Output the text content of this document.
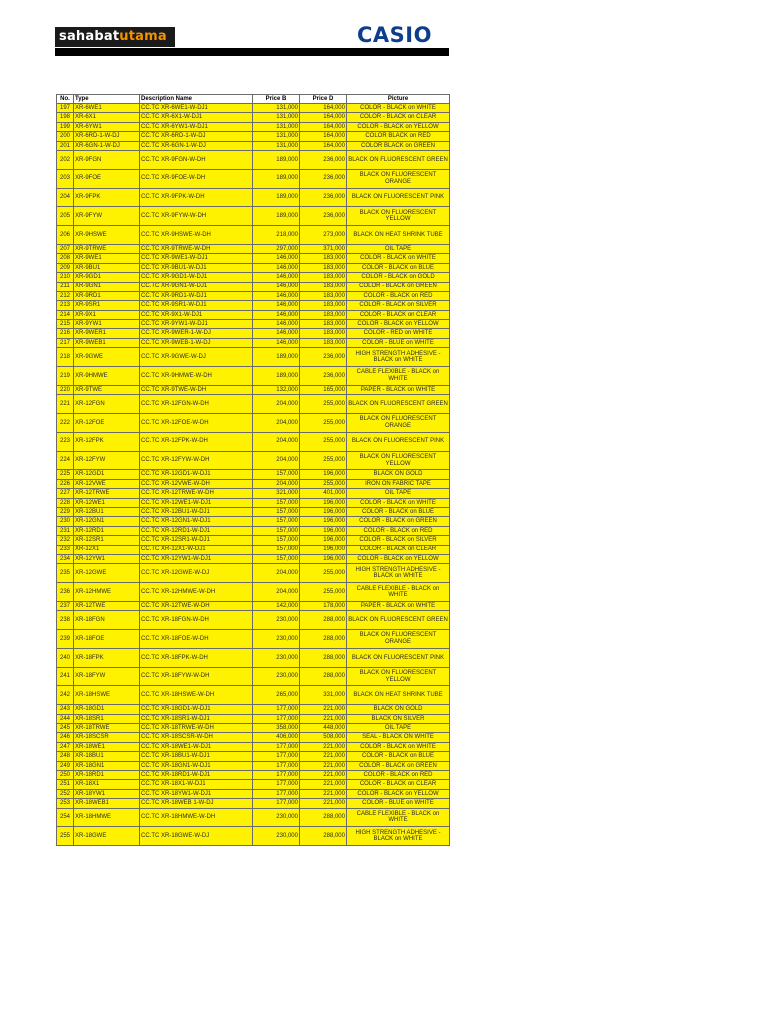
sahabatutama	CASIO
No.	Type	Description Name	Price B	Price D	Picture
197	XR-6WE1	CC.TC XR-6WE1-W-DJ1	131,000	164,000	COLOR - BLACK on WHITE
198	XR-6X1	CC.TC XR-6X1-W-DJ1	131,000	164,000	COLOR - BLACK on CLEAR
199	XR-6YW1	CC.TC XR-6YW1-W-DJ1	131,000	164,000	COLOR - BLACK on YELLOW
200	XR-6RD-1-W-DJ	CC.TC XR-6RD-1-W-DJ	131,000	164,000	COLOR BLACK on RED
201	XR-6GN-1-W-DJ	CC.TC XR-6GN-1-W-DJ	131,000	164,000	COLOR BLACK on GREEN
202	XR-9FGN	CC.TC XR-9FGN-W-DH	189,000	236,000	BLACK ON FLUORESCENT GREEN
203	XR-9FOE	CC.TC XR-9FOE-W-DH	189,000	236,000	BLACK ON FLUORESCENT ORANGE
204	XR-9FPK	CC.TC XR-9FPK-W-DH	189,000	236,000	BLACK ON FLUORESCENT PINK
205	XR-9FYW	CC.TC XR-9FYW-W-DH	189,000	236,000	BLACK ON FLUORESCENT YELLOW
206	XR-9HSWE	CC.TC XR-9HSWE-W-DH	218,000	273,000	BLACK ON HEAT SHRINK TUBE
207	XR-9TRWE	CC.TC XR-9TRWE-W-DH	297,000	371,000	OIL TAPE
208	XR-9WE1	CC.TC XR-9WE1-W-DJ1	146,000	183,000	COLOR - BLACK on WHITE
209	XR-9BU1	CC.TC XR-9BU1-W-DJ1	146,000	183,000	COLOR - BLACK on BLUE
210	XR-9GD1	CC.TC XR-9GD1-W-DJ1	146,000	183,000	COLOR - BLACK on GOLD
211	XR-9GN1	CC.TC XR-9GN1-W-DJ1	146,000	183,000	COLOR - BLACK on GREEN
212	XR-9RD1	CC.TC XR-9RD1-W-DJ1	146,000	183,000	COLOR - BLACK on RED
213	XR-9SR1	CC.TC XR-9SR1-W-DJ1	146,000	183,000	COLOR - BLACK on SILVER
214	XR-9X1	CC.TC XR-9X1-W-DJ1	146,000	183,000	COLOR - BLACK on CLEAR
215	XR-9YW1	CC.TC XR-9YW1-W-DJ1	146,000	183,000	COLOR - BLACK on YELLOW
216	XR-9WER1	CC.TC XR-9WER-1-W-DJ	146,000	183,000	COLOR - RED on WHITE
217	XR-9WEB1	CC.TC XR-9WEB-1-W-DJ	146,000	183,000	COLOR - BLUE on WHITE
218	XR-9GWE	CC.TC XR-9GWE-W-DJ	189,000	236,000	HIGH STRENGTH ADHESIVE - BLACK on WHITE
219	XR-9HMWE	CC.TC XR-9HMWE-W-DH	189,000	236,000	CABLE FLEXIBLE - BLACK on WHITE
220	XR-9TWE	CC.TC XR-9TWE-W-DH	132,000	165,000	PAPER - BLACK on WHITE
221	XR-12FGN	CC.TC XR-12FGN-W-DH	204,000	255,000	BLACK ON FLUORESCENT GREEN
222	XR-12FOE	CC.TC XR-12FOE-W-DH	204,000	255,000	BLACK ON FLUORESCENT ORANGE
223	XR-12FPK	CC.TC XR-12FPK-W-DH	204,000	255,000	BLACK ON FLUORESCENT PINK
224	XR-12FYW	CC.TC XR-12FYW-W-DH	204,000	255,000	BLACK ON FLUORESCENT YELLOW
225	XR-12GD1	CC.TC XR-12GD1-W-DJ1	157,000	196,000	BLACK ON GOLD
226	XR-12VWE	CC.TC XR-12VWE-W-DH	204,000	255,000	IRON ON FABRIC TAPE
227	XR-12TRWE	CC.TC XR-12TRWE-W-DH	321,000	401,000	OIL TAPE
228	XR-12WE1	CC.TC XR-12WE1-W-DJ1	157,000	196,000	COLOR - BLACK on WHITE
229	XR-12BU1	CC.TC XR-12BU1-W-DJ1	157,000	196,000	COLOR - BLACK on BLUE
230	XR-12GN1	CC.TC XR-12GN1-W-DJ1	157,000	196,000	COLOR - BLACK on GREEN
231	XR-12RD1	CC.TC XR-12RD1-W-DJ1	157,000	196,000	COLOR - BLACK on RED
232	XR-12SR1	CC.TC XR-12SR1-W-DJ1	157,000	196,000	COLOR - BLACK on SILVER
233	XR-12X1	CC.TC XR-12X1-W-DJ1	157,000	196,000	COLOR - BLACK on CLEAR
234	XR-12YW1	CC.TC XR-12YW1-W-DJ1	157,000	196,000	COLOR - BLACK on YELLOW
235	XR-12GWE	CC.TC XR-12GWE-W-DJ	204,000	255,000	HIGH STRENGTH ADHESIVE - BLACK on WHITE
236	XR-12HMWE	CC.TC XR-12HMWE-W-DH	204,000	255,000	CABLE FLEXIBLE - BLACK on WHITE
237	XR-12TWE	CC.TC XR-12TWE-W-DH	142,000	178,000	PAPER - BLACK on WHITE
238	XR-18FGN	CC.TC XR-18FGN-W-DH	230,000	288,000	BLACK ON FLUORESCENT GREEN
239	XR-18FOE	CC.TC XR-18FOE-W-DH	230,000	288,000	BLACK ON FLUORESCENT ORANGE
240	XR-18FPK	CC.TC XR-18FPK-W-DH	230,000	288,000	BLACK ON FLUORESCENT PINK
241	XR-18FYW	CC.TC XR-18FYW-W-DH	230,000	288,000	BLACK ON FLUORESCENT YELLOW
242	XR-18HSWE	CC.TC XR-18HSWE-W-DH	265,000	331,000	BLACK ON HEAT SHRINK TUBE
243	XR-18GD1	CC.TC XR-18GD1-W-DJ1	177,000	221,000	BLACK ON GOLD
244	XR-18SR1	CC.TC XR-18SR1-W-DJ1	177,000	221,000	BLACK ON SILVER
245	XR-18TRWE	CC.TC XR-18TRWE-W-DH	358,000	448,000	OIL TAPE
246	XR-18SCSR	CC.TC XR-18SCSR-W-DH	406,000	508,000	SEAL - BLACK ON WHITE
247	XR-18WE1	CC.TC XR-18WE1-W-DJ1	177,000	221,000	COLOR - BLACK on WHITE
248	XR-18BU1	CC.TC XR-18BU1-W-DJ1	177,000	221,000	COLOR - BLACK on BLUE
249	XR-18GN1	CC.TC XR-18GN1-W-DJ1	177,000	221,000	COLOR - BLACK on GREEN
250	XR-18RD1	CC.TC XR-18RD1-W-DJ1	177,000	221,000	COLOR - BLACK on RED
251	XR-18X1	CC.TC XR-18X1-W-DJ1	177,000	221,000	COLOR - BLACK on CLEAR
252	XR-18YW1	CC.TC XR-18YW1-W-DJ1	177,000	221,000	COLOR - BLACK on YELLOW
253	XR-18WEB1	CC.TC XR-18WEB 1-W-DJ	177,000	221,000	COLOR - BLUE on WHITE
254	XR-18HMWE	CC.TC XR-18HMWE-W-DH	230,000	288,000	CABLE FLEXIBLE - BLACK on WHITE
255	XR-18GWE	CC.TC XR-18GWE-W-DJ	230,000	288,000	HIGH STRENGTH ADHESIVE - BLACK on WHITE
